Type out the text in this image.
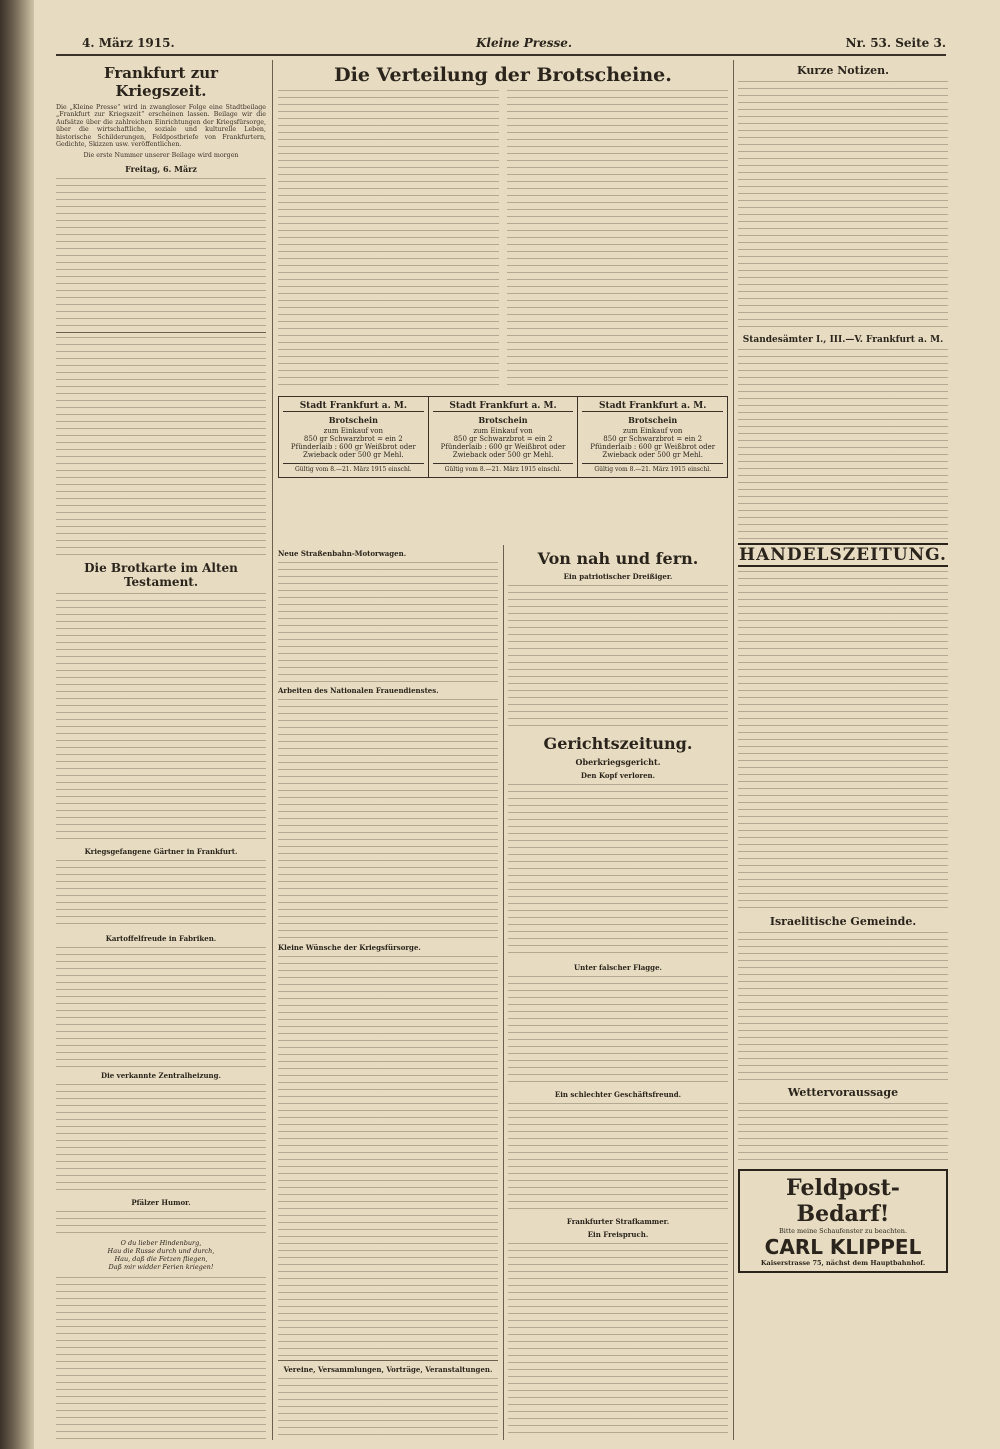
4. März 1915.	Kleine Presse.	Nr. 53. Seite 3.
Frankfurt zur Kriegszeit.

Die „Kleine Presse“ wird in zwangloser Folge eine Stadtbeilage „Frankfurt zur Kriegszeit“ erscheinen lassen. Beilage wir die Aufsätze über die zahlreichen Einrichtungen der Kriegsfürsorge, über die wirtschaftliche, soziale und kulturelle Leben, historische Schilderungen, Feldpostbriefe von Frankfurtern, Gedichte, Skizzen usw. veröffentlichen.

Die erste Nummer unserer Beilage wird morgen

Freitag, 6. März
Die Brotkarte im Alten Testament.
Kriegsgefangene Gärtner in Frankfurt.
Kartoffelfreude in Fabriken.
Die verkannte Zentralheizung.
Pfälzer Humor.
O du lieber Hindenburg,
Hau die Russe durch und durch,
Hau, daß die Fetzen fliegen,
Daß mir widder Ferien kriegen!
Die Verteilung der Brotscheine.
Stadt Frankfurt a. M.
Brotschein
zum Einkauf von
850 gr Schwarzbrot = ein 2 Pfünderlaib : 600 gr Weißbrot oder Zwieback oder 500 gr Mehl.
Gültig vom 8.—21. März 1915 einschl.
Stadt Frankfurt a. M.
Brotschein
zum Einkauf von
850 gr Schwarzbrot = ein 2 Pfünderlaib : 600 gr Weißbrot oder Zwieback oder 500 gr Mehl.
Gültig vom 8.—21. März 1915 einschl.
Stadt Frankfurt a. M.
Brotschein
zum Einkauf von
850 gr Schwarzbrot = ein 2 Pfünderlaib : 600 gr Weißbrot oder Zwieback oder 500 gr Mehl.
Gültig vom 8.—21. März 1915 einschl.
Neue Straßenbahn-Motorwagen.
Arbeiten des Nationalen Frauendienstes.
Kleine Wünsche der Kriegsfürsorge.
Vereine, Versammlungen, Vorträge, Veranstaltungen.
Von nah und fern.
Ein patriotischer Dreißiger.
Gerichtszeitung.
Oberkriegsgericht.
Den Kopf verloren.
Unter falscher Flagge.
Ein schlechter Geschäftsfreund.
Frankfurter Strafkammer.
Ein Freispruch.
Kurze Notizen.
Standesämter I., III.—V. Frankfurt a. M.
HANDELSZEITUNG.
Israelitische Gemeinde.
Wettervoraussage
Feldpost-Bedarf!
Bitte meine Schaufenster zu beachten.
CARL KLIPPEL
Kaiserstrasse 75, nächst dem Hauptbahnhof.
